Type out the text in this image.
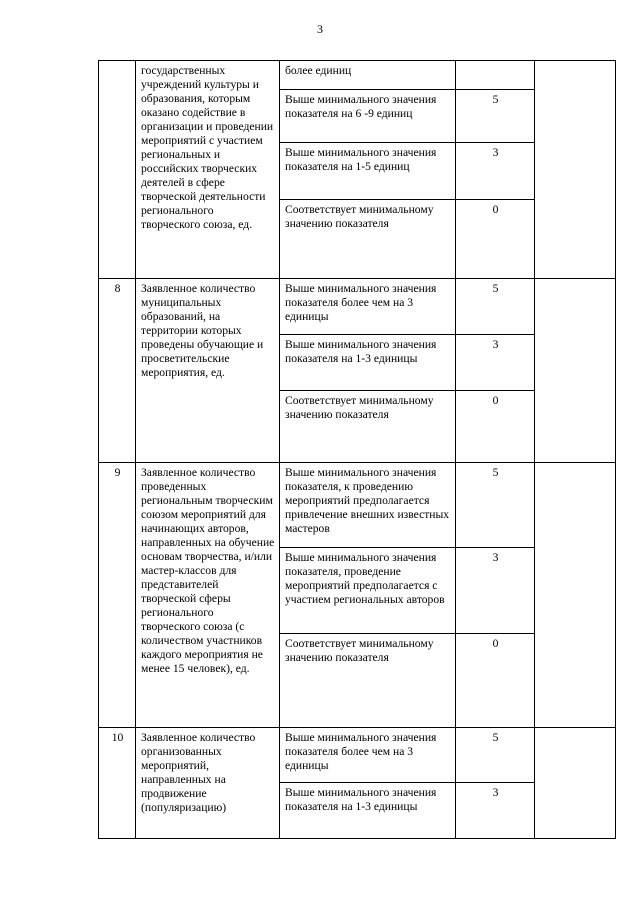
3
	государственных учреждений культуры и образования, которым оказано содействие в организации и проведении мероприятий с участием региональных и российских творческих деятелей в сфере творческой деятельности регионального творческого союза, ед.	более единиц		
		Выше минимального значения показателя на 6 -9 единиц	5	
		Выше минимального значения показателя на 1-5 единиц	3	
		Соответствует минимальному значению показателя	0	
8	Заявленное количество муниципальных образований, на территории которых проведены обучающие и просветительские мероприятия, ед.	Выше минимального значения показателя более чем на 3 единицы	5	
		Выше минимального значения показателя на 1-3 единицы	3	
		Соответствует минимальному значению показателя	0	
9	Заявленное количество проведенных региональным творческим союзом мероприятий для начинающих авторов, направленных на обучение основам творчества, и/или мастер-классов для представителей творческой сферы регионального творческого союза (с количеством участников каждого мероприятия не менее 15 человек), ед.	Выше минимального значения показателя, к проведению мероприятий предполагается привлечение внешних известных мастеров	5	
		Выше минимального значения показателя, проведение мероприятий предполагается с участием региональных авторов	3	
		Соответствует минимальному значению показателя	0	
10	Заявленное количество организованных мероприятий, направленных на продвижение (популяризацию)	Выше минимального значения показателя более чем на 3 единицы	5	
		Выше минимального значения показателя на 1-3 единицы	3	
